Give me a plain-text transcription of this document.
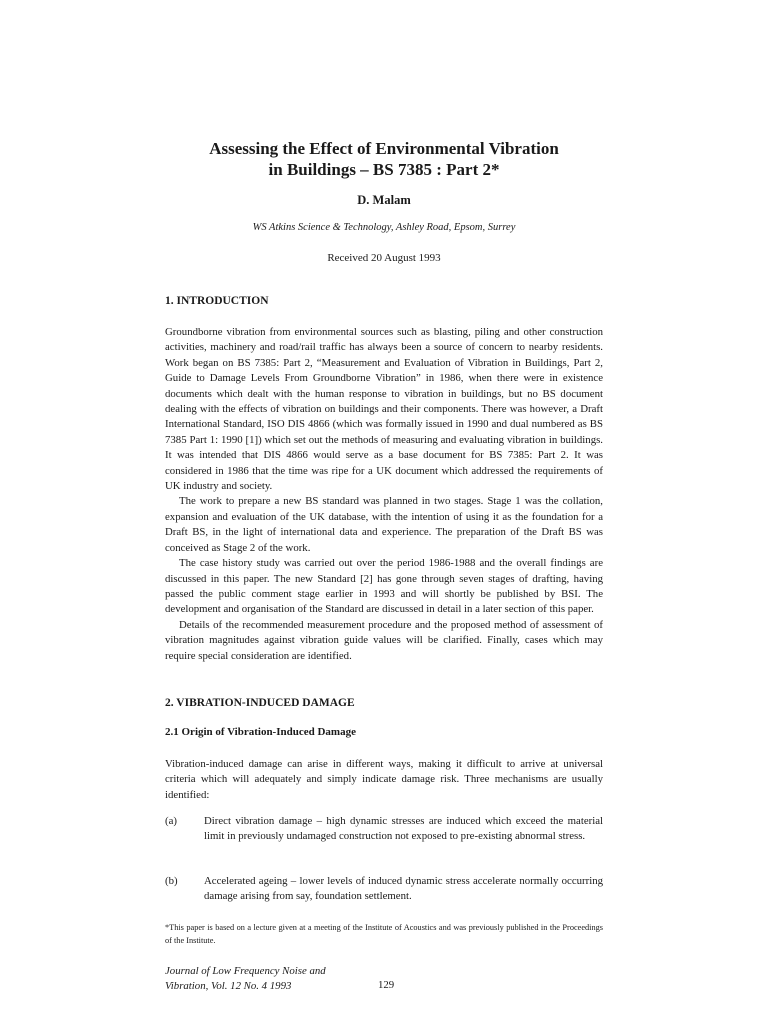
Assessing the Effect of Environmental Vibration
in Buildings – BS 7385 : Part 2*
D. Malam
WS Atkins Science & Technology, Ashley Road, Epsom, Surrey
Received 20 August 1993
1. INTRODUCTION

Groundborne vibration from environmental sources such as blasting, piling and other construction activities, machinery and road/rail traffic has always been a source of concern to nearby residents. Work began on BS 7385: Part 2, “Measurement and Evaluation of Vibration in Buildings, Part 2, Guide to Damage Levels From Groundborne Vibration” in 1986, when there were in existence documents which dealt with the human response to vibration in buildings, but no BS document dealing with the effects of vibration on buildings and their components. There was however, a Draft International Standard, ISO DIS 4866 (which was formally issued in 1990 and dual numbered as BS 7385 Part 1: 1990 [1]) which set out the methods of measuring and evaluating vibration in buildings. It was intended that DIS 4866 would serve as a base document for BS 7385: Part 2. It was considered in 1986 that the time was ripe for a UK document which addressed the requirements of UK industry and society.

The work to prepare a new BS standard was planned in two stages. Stage 1 was the collation, expansion and evaluation of the UK database, with the intention of using it as the foundation for a Draft BS, in the light of international data and experience. The preparation of the Draft BS was conceived as Stage 2 of the work.

The case history study was carried out over the period 1986-1988 and the overall findings are discussed in this paper. The new Standard [2] has gone through seven stages of drafting, having passed the public comment stage earlier in 1993 and will shortly be published by BSI. The development and organisation of the Standard are discussed in detail in a later section of this paper.

Details of the recommended measurement procedure and the proposed method of assessment of vibration magnitudes against vibration guide values will be clarified. Finally, cases which may require special consideration are identified.

2. VIBRATION-INDUCED DAMAGE
2.1 Origin of Vibration-Induced Damage
Vibration-induced damage can arise in different ways, making it difficult to arrive at universal criteria which will adequately and simply indicate damage risk. Three mechanisms are usually identified:
(a)	Direct vibration damage – high dynamic stresses are induced which exceed the material limit in previously undamaged construction not exposed to pre-existing abnormal stress.
(b) Accelerated ageing – lower levels of induced dynamic stress accelerate normally occurring damage arising from say, foundation settlement.
*This paper is based on a lecture given at a meeting of the Institute of Acoustics and was previously published in the Proceedings of the Institute.
Journal of Low Frequency Noise and
Vibration, Vol. 12 No. 4 1993	129
